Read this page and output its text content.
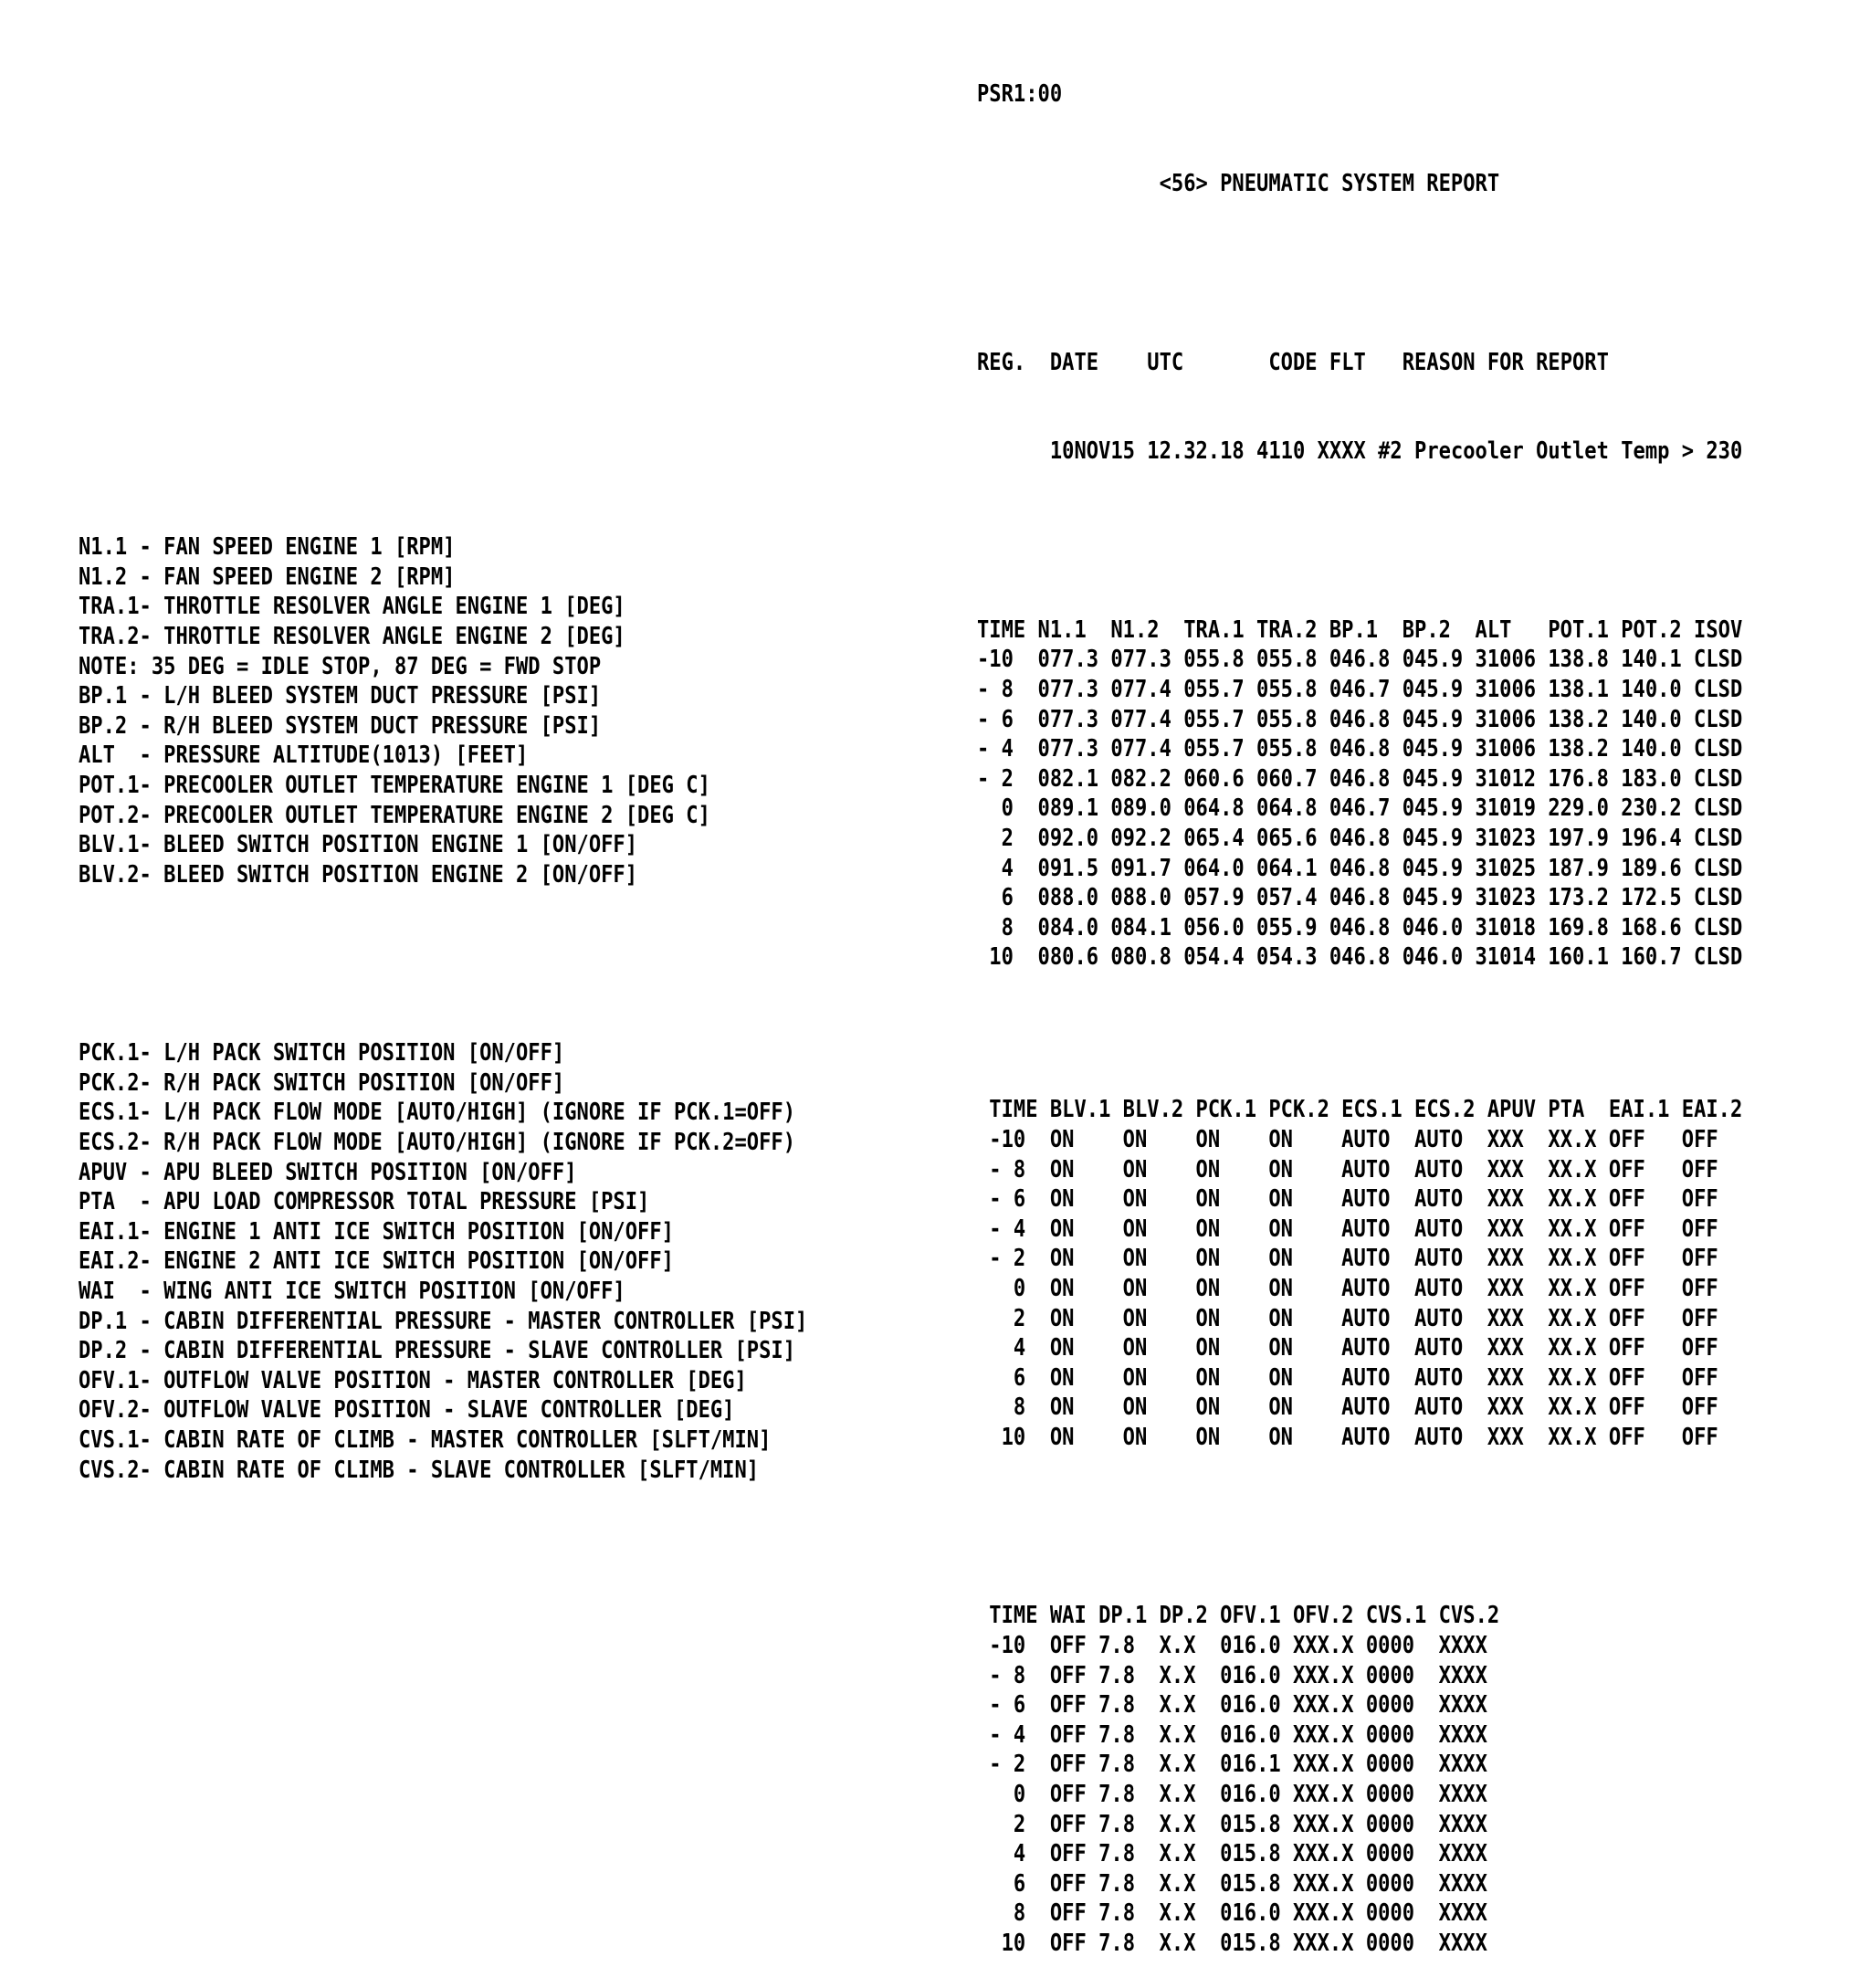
N1.1 - FAN SPEED ENGINE 1 [RPM]
N1.2 - FAN SPEED ENGINE 2 [RPM]
TRA.1- THROTTLE RESOLVER ANGLE ENGINE 1 [DEG]
TRA.2- THROTTLE RESOLVER ANGLE ENGINE 2 [DEG]
NOTE: 35 DEG = IDLE STOP, 87 DEG = FWD STOP
BP.1 - L/H BLEED SYSTEM DUCT PRESSURE [PSI]
BP.2 - R/H BLEED SYSTEM DUCT PRESSURE [PSI]
ALT  - PRESSURE ALTITUDE(1013) [FEET]
POT.1- PRECOOLER OUTLET TEMPERATURE ENGINE 1 [DEG C]
POT.2- PRECOOLER OUTLET TEMPERATURE ENGINE 2 [DEG C]
BLV.1- BLEED SWITCH POSITION ENGINE 1 [ON/OFF]
BLV.2- BLEED SWITCH POSITION ENGINE 2 [ON/OFF]

PCK.1- L/H PACK SWITCH POSITION [ON/OFF]
PCK.2- R/H PACK SWITCH POSITION [ON/OFF]
ECS.1- L/H PACK FLOW MODE [AUTO/HIGH] (IGNORE IF PCK.1=OFF)
ECS.2- R/H PACK FLOW MODE [AUTO/HIGH] (IGNORE IF PCK.2=OFF)
APUV - APU BLEED SWITCH POSITION [ON/OFF]
PTA  - APU LOAD COMPRESSOR TOTAL PRESSURE [PSI]
EAI.1- ENGINE 1 ANTI ICE SWITCH POSITION [ON/OFF]
EAI.2- ENGINE 2 ANTI ICE SWITCH POSITION [ON/OFF]
WAI  - WING ANTI ICE SWITCH POSITION [ON/OFF]
DP.1 - CABIN DIFFERENTIAL PRESSURE - MASTER CONTROLLER [PSI]
DP.2 - CABIN DIFFERENTIAL PRESSURE - SLAVE CONTROLLER [PSI]
OFV.1- OUTFLOW VALVE POSITION - MASTER CONTROLLER [DEG]
OFV.2- OUTFLOW VALVE POSITION - SLAVE CONTROLLER [DEG]
CVS.1- CABIN RATE OF CLIMB - MASTER CONTROLLER [SLFT/MIN]
CVS.2- CABIN RATE OF CLIMB - SLAVE CONTROLLER [SLFT/MIN]

PSR1:00

<56> PNEUMATIC SYSTEM REPORT

REG.  DATE    UTC       CODE FLT   REASON FOR REPORT

10NOV15 12.32.18 4110 XXXX #2 Precooler Outlet Temp > 230

TIME N1.1  N1.2  TRA.1 TRA.2 BP.1  BP.2  ALT   POT.1 POT.2 ISOV
-10  077.3 077.3 055.8 055.8 046.8 045.9 31006 138.8 140.1 CLSD
- 8  077.3 077.4 055.7 055.8 046.7 045.9 31006 138.1 140.0 CLSD
- 6  077.3 077.4 055.7 055.8 046.8 045.9 31006 138.2 140.0 CLSD
- 4  077.3 077.4 055.7 055.8 046.8 045.9 31006 138.2 140.0 CLSD
- 2  082.1 082.2 060.6 060.7 046.8 045.9 31012 176.8 183.0 CLSD
0  089.1 089.0 064.8 064.8 046.7 045.9 31019 229.0 230.2 CLSD
2  092.0 092.2 065.4 065.6 046.8 045.9 31023 197.9 196.4 CLSD
4  091.5 091.7 064.0 064.1 046.8 045.9 31025 187.9 189.6 CLSD
6  088.0 088.0 057.9 057.4 046.8 045.9 31023 173.2 172.5 CLSD
8  084.0 084.1 056.0 055.9 046.8 046.0 31018 169.8 168.6 CLSD
10  080.6 080.8 054.4 054.3 046.8 046.0 31014 160.1 160.7 CLSD

TIME BLV.1 BLV.2 PCK.1 PCK.2 ECS.1 ECS.2 APUV PTA  EAI.1 EAI.2
-10  ON    ON    ON    ON    AUTO  AUTO  XXX  XX.X OFF   OFF
- 8  ON    ON    ON    ON    AUTO  AUTO  XXX  XX.X OFF   OFF
- 6  ON    ON    ON    ON    AUTO  AUTO  XXX  XX.X OFF   OFF
- 4  ON    ON    ON    ON    AUTO  AUTO  XXX  XX.X OFF   OFF
- 2  ON    ON    ON    ON    AUTO  AUTO  XXX  XX.X OFF   OFF
0  ON    ON    ON    ON    AUTO  AUTO  XXX  XX.X OFF   OFF
2  ON    ON    ON    ON    AUTO  AUTO  XXX  XX.X OFF   OFF
4  ON    ON    ON    ON    AUTO  AUTO  XXX  XX.X OFF   OFF
6  ON    ON    ON    ON    AUTO  AUTO  XXX  XX.X OFF   OFF
8  ON    ON    ON    ON    AUTO  AUTO  XXX  XX.X OFF   OFF
10  ON    ON    ON    ON    AUTO  AUTO  XXX  XX.X OFF   OFF

TIME WAI DP.1 DP.2 OFV.1 OFV.2 CVS.1 CVS.2
-10  OFF 7.8  X.X  016.0 XXX.X 0000  XXXX
- 8  OFF 7.8  X.X  016.0 XXX.X 0000  XXXX
- 6  OFF 7.8  X.X  016.0 XXX.X 0000  XXXX
- 4  OFF 7.8  X.X  016.0 XXX.X 0000  XXXX
- 2  OFF 7.8  X.X  016.1 XXX.X 0000  XXXX
0  OFF 7.8  X.X  016.0 XXX.X 0000  XXXX
2  OFF 7.8  X.X  015.8 XXX.X 0000  XXXX
4  OFF 7.8  X.X  015.8 XXX.X 0000  XXXX
6  OFF 7.8  X.X  015.8 XXX.X 0000  XXXX
8  OFF 7.8  X.X  016.0 XXX.X 0000  XXXX
10  OFF 7.8  X.X  015.8 XXX.X 0000  XXXX
